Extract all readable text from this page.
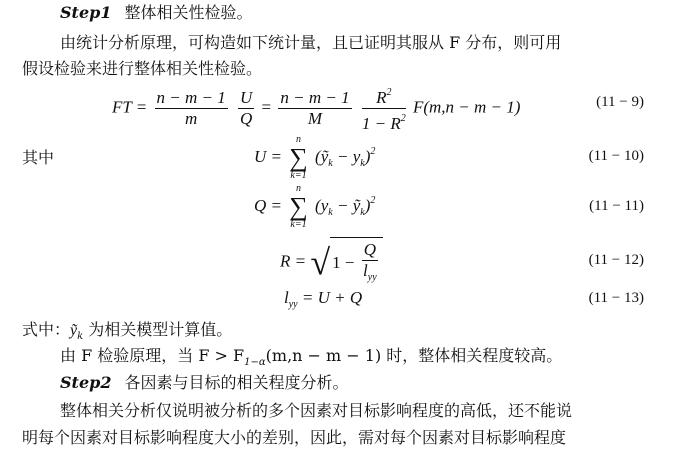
Step1 整体相关性检验。
由统计分析原理，可构造如下统计量，且已证明其服从 F 分布，则可用
假设检验来进行整体相关性检验。
FT = $\frac{n - m - 1}{m}$
$\frac{U}{Q} = \frac{n - m - 1}{M}$
$\frac{R^2}{1 - R^2} F(m,n - m - 1)$	(11 − 9)
其中	U =
n
∑
k=1
(ỹ$_k$ − $y_k)^2$	(11 − 10)
Q =
n
∑
k=1
($y_k$ − ỹ$_k$)$^2$	(11 − 11)
R = √ $1 - \frac{Q}{l_{yy}}$	(11 − 12)
$l_{yy} = U + Q$	(11 − 13)
式中：ỹ$_k$ 为相关模型计算值。
由 F 检验原理，当 $F > F_{1-\alpha}(m,n - m - 1)$ 时，整体相关程度较高。
Step2 各因素与目标的相关程度分析。
整体相关分析仅说明被分析的多个因素对目标影响程度的高低，还不能说
明每个因素对目标影响程度大小的差别，因此，需对每个因素对目标影响程度
